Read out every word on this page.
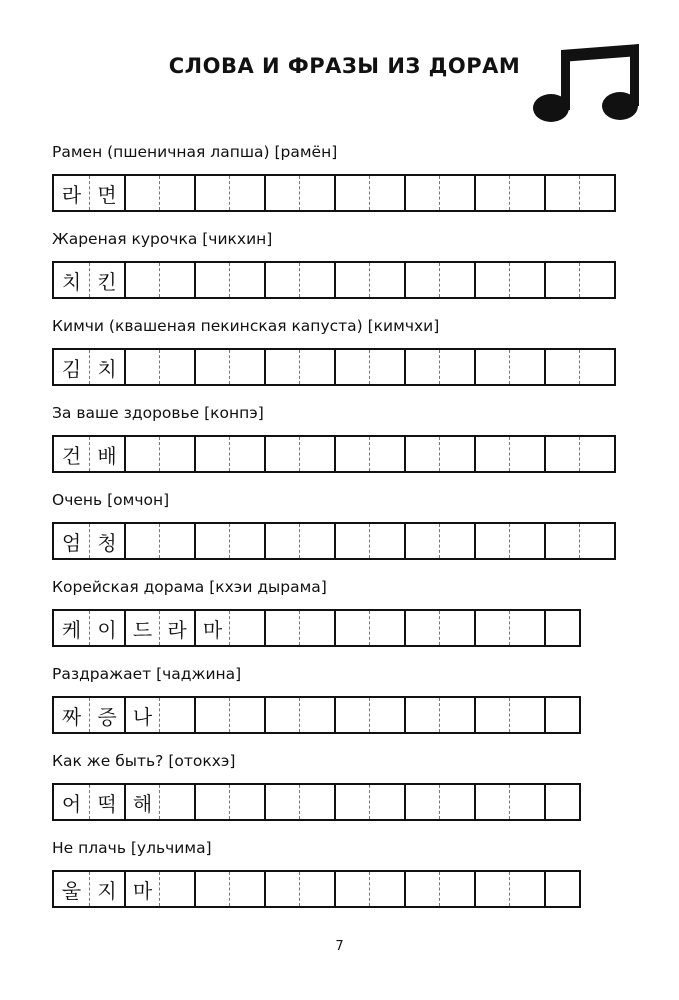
СЛОВА И ФРАЗЫ ИЗ ДОРАМ
Рамен (пшеничная лапша) [рамён]
라 면
Жареная курочка [чикхин]
치 킨
Кимчи (квашеная пекинская капуста) [кимчхи]
김 치
За ваше здоровье [конпэ]
건 배
Очень [омчон]
엄 청
Корейская дорама [кхэи дырама]
케 이 드 라 마
Раздражает [чаджина]
짜 증 나
Как же быть? [отокхэ]
어 떡 해
Не плачь [ульчима]
울 지 마
7
